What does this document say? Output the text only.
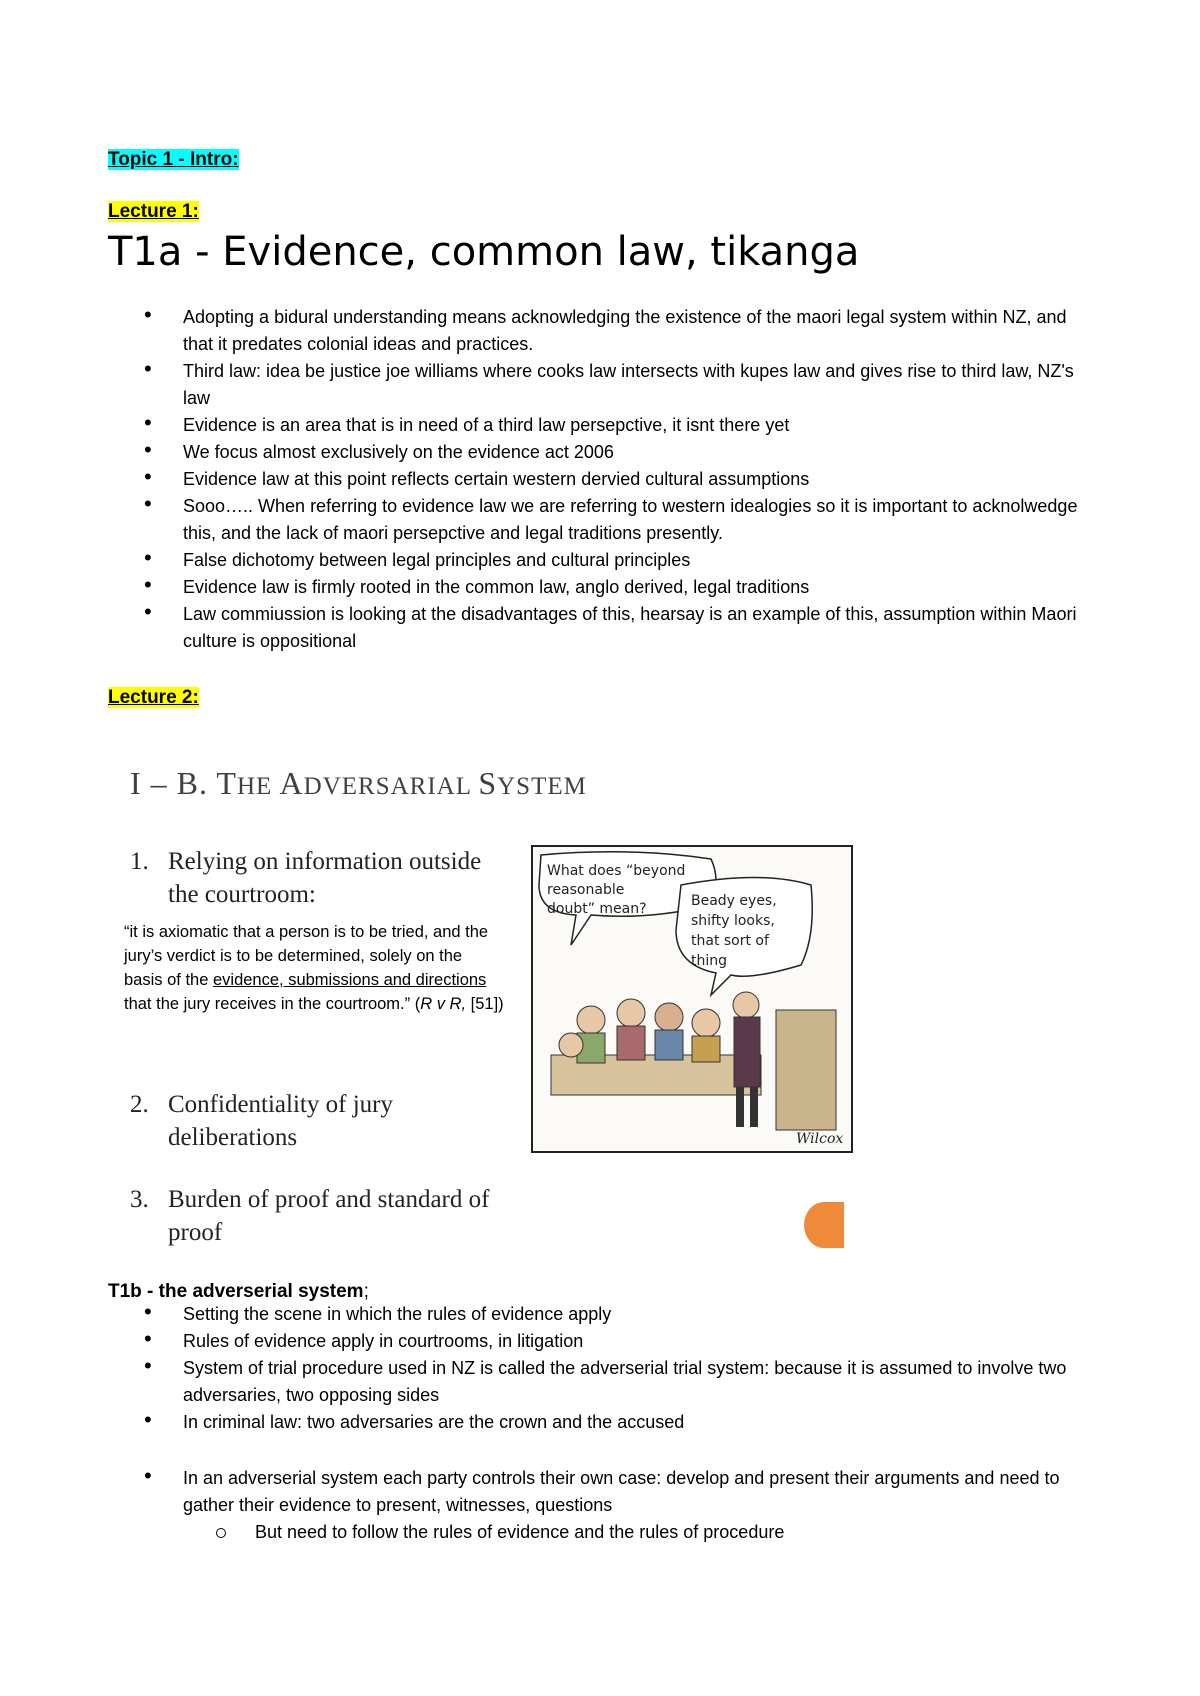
Topic 1 - Intro:
Lecture 1:
T1a - Evidence, common law, tikanga
• Adopting a bidural understanding means acknowledging the existence of the maori legal system within NZ, and that it predates colonial ideas and practices.
• Third law: idea be justice joe williams where cooks law intersects with kupes law and gives rise to third law, NZ's law
• Evidence is an area that is in need of a third law persepctive, it isnt there yet
• We focus almost exclusively on the evidence act 2006
• Evidence law at this point reflects certain western dervied cultural assumptions
• Sooo….. When referring to evidence law we are referring to western idealogies so it is important to acknolwedge this, and the lack of maori persepctive and legal traditions presently.
• False dichotomy between legal principles and cultural principles
• Evidence law is firmly rooted in the common law, anglo derived, legal traditions
• Law commiussion is looking at the disadvantages of this, hearsay is an example of this, assumption within Maori culture is oppositional
Lecture 2:
I – B. THE ADVERSARIAL SYSTEM
1. Relying on information outside the courtroom:
“it is axiomatic that a person is to be tried, and the jury’s verdict is to be determined, solely on the basis of the evidence, submissions and directions that the jury receives in the courtroom.” (R v R, [51])
2. Confidentiality of jury deliberations
3. Burden of proof and standard of proof
What does “beyond
reasonable
doubt” mean?	Beady eyes,
shifty looks,
that sort of
thing
Wilcox
T1b - the adverserial system;
• Setting the scene in which the rules of evidence apply
• Rules of evidence apply in courtrooms, in litigation
• System of trial procedure used in NZ is called the adverserial trial system: because it is assumed to involve two adversaries, two opposing sides
• In criminal law: two adversaries are the crown and the accused
• In an adverserial system each party controls their own case: develop and present their arguments and need to gather their evidence to present, witnesses, questions
But need to follow the rules of evidence and the rules of procedure
